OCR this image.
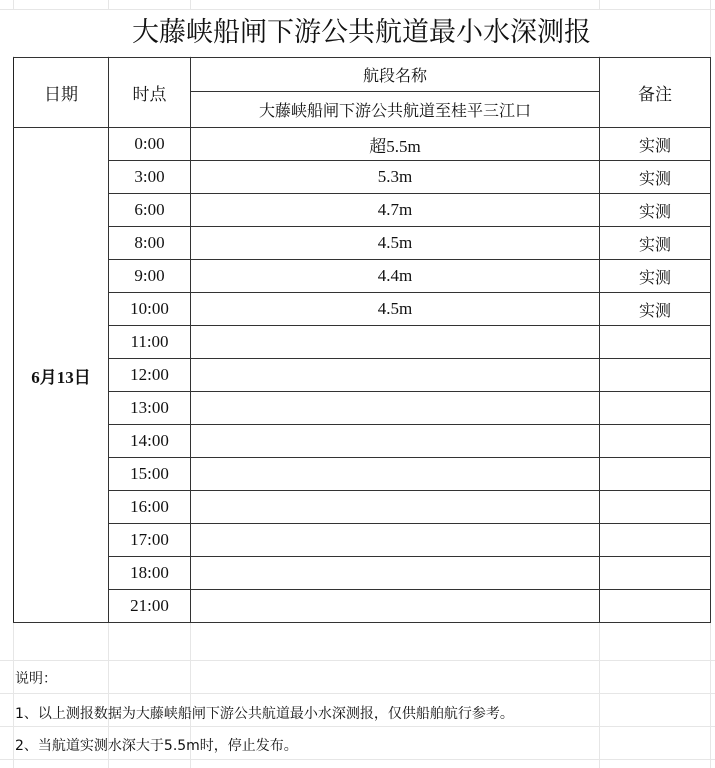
大藤峡船闸下游公共航道最小水深测报
日期	时点	航段名称	备注
		大藤峡船闸下游公共航道至桂平三江口	
6月13日	0:00	超5.5m	实测
	3:00	5.3m	实测
	6:00	4.7m	实测
	8:00	4.5m	实测
	9:00	4.4m	实测
	10:00	4.5m	实测
	11:00		
	12:00		
	13:00		
	14:00		
	15:00		
	16:00		
	17:00		
	18:00		
	21:00		
说明：
1、以上测报数据为大藤峡船闸下游公共航道最小水深测报，仅供船舶航行参考。
2、当航道实测水深大于5.5m时，停止发布。
